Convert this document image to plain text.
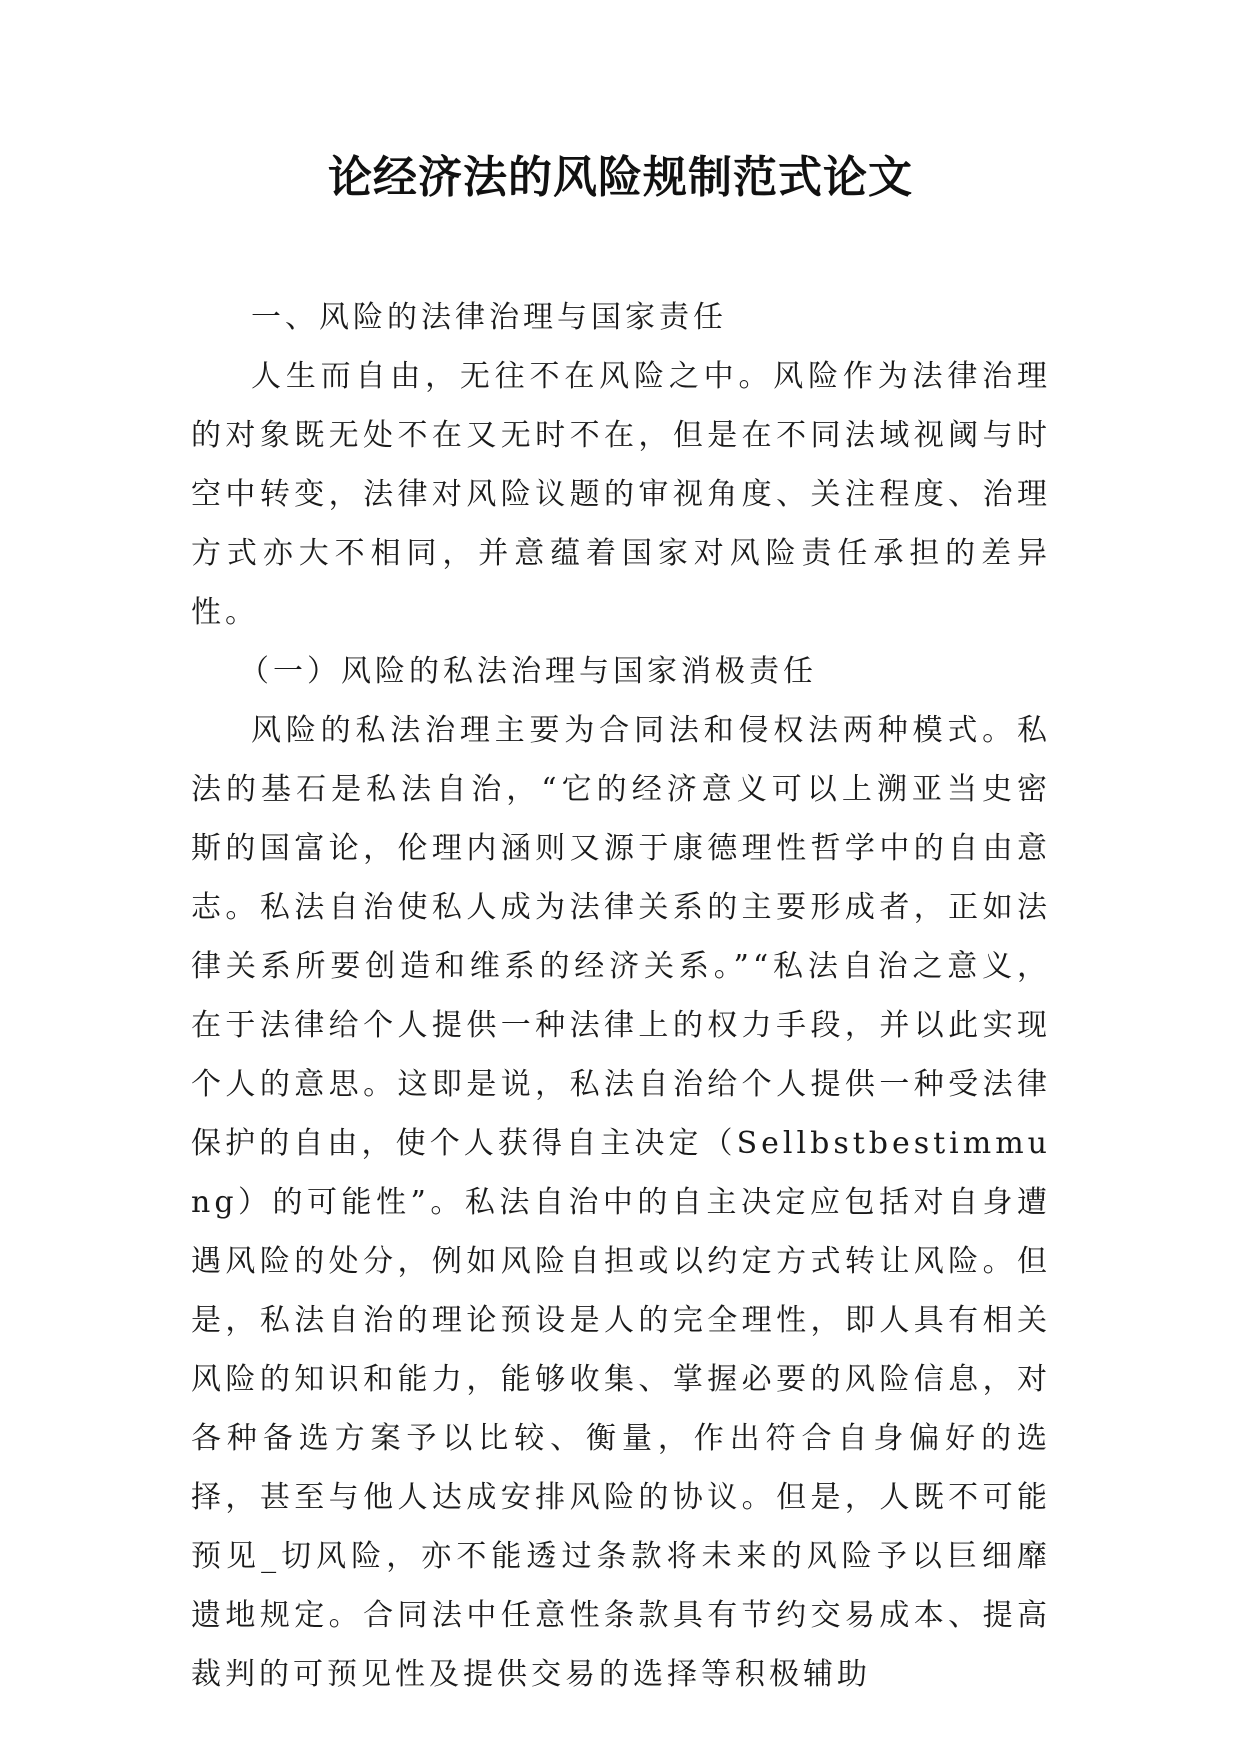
论经济法的风险规制范式论文

一、风险的法律治理与国家责任

人生而自由，无往不在风险之中。风险作为法律治理的对象既无处不在又无时不在，但是在不同法域视阈与时空中转变，法律对风险议题的审视角度、关注程度、治理方式亦大不相同，并意蕴着国家对风险责任承担的差异性。

（一）风险的私法治理与国家消极责任

风险的私法治理主要为合同法和侵权法两种模式。私法的基石是私法自治，“它的经济意义可以上溯亚当史密斯的国富论，伦理内涵则又源于康德理性哲学中的自由意志。私法自治使私人成为法律关系的主要形成者，正如法律关系所要创造和维系的经济关系。”“私法自治之意义，在于法律给个人提供一种法律上的权力手段，并以此实现个人的意思。这即是说，私法自治给个人提供一种受法律保护的自由，使个人获得自主决定（Sellbstbestimmung）的可能性”。私法自治中的自主决定应包括对自身遭遇风险的处分，例如风险自担或以约定方式转让风险。但是，私法自治的理论预设是人的完全理性，即人具有相关风险的知识和能力，能够收集、掌握必要的风险信息，对各种备选方案予以比较、衡量，作出符合自身偏好的选择，甚至与他人达成安排风险的协议。但是，人既不可能预见_切风险，亦不能透过条款将未来的风险予以巨细靡遗地规定。合同法中任意性条款具有节约交易成本、提高裁判的可预见性及提供交易的选择等积极辅助
